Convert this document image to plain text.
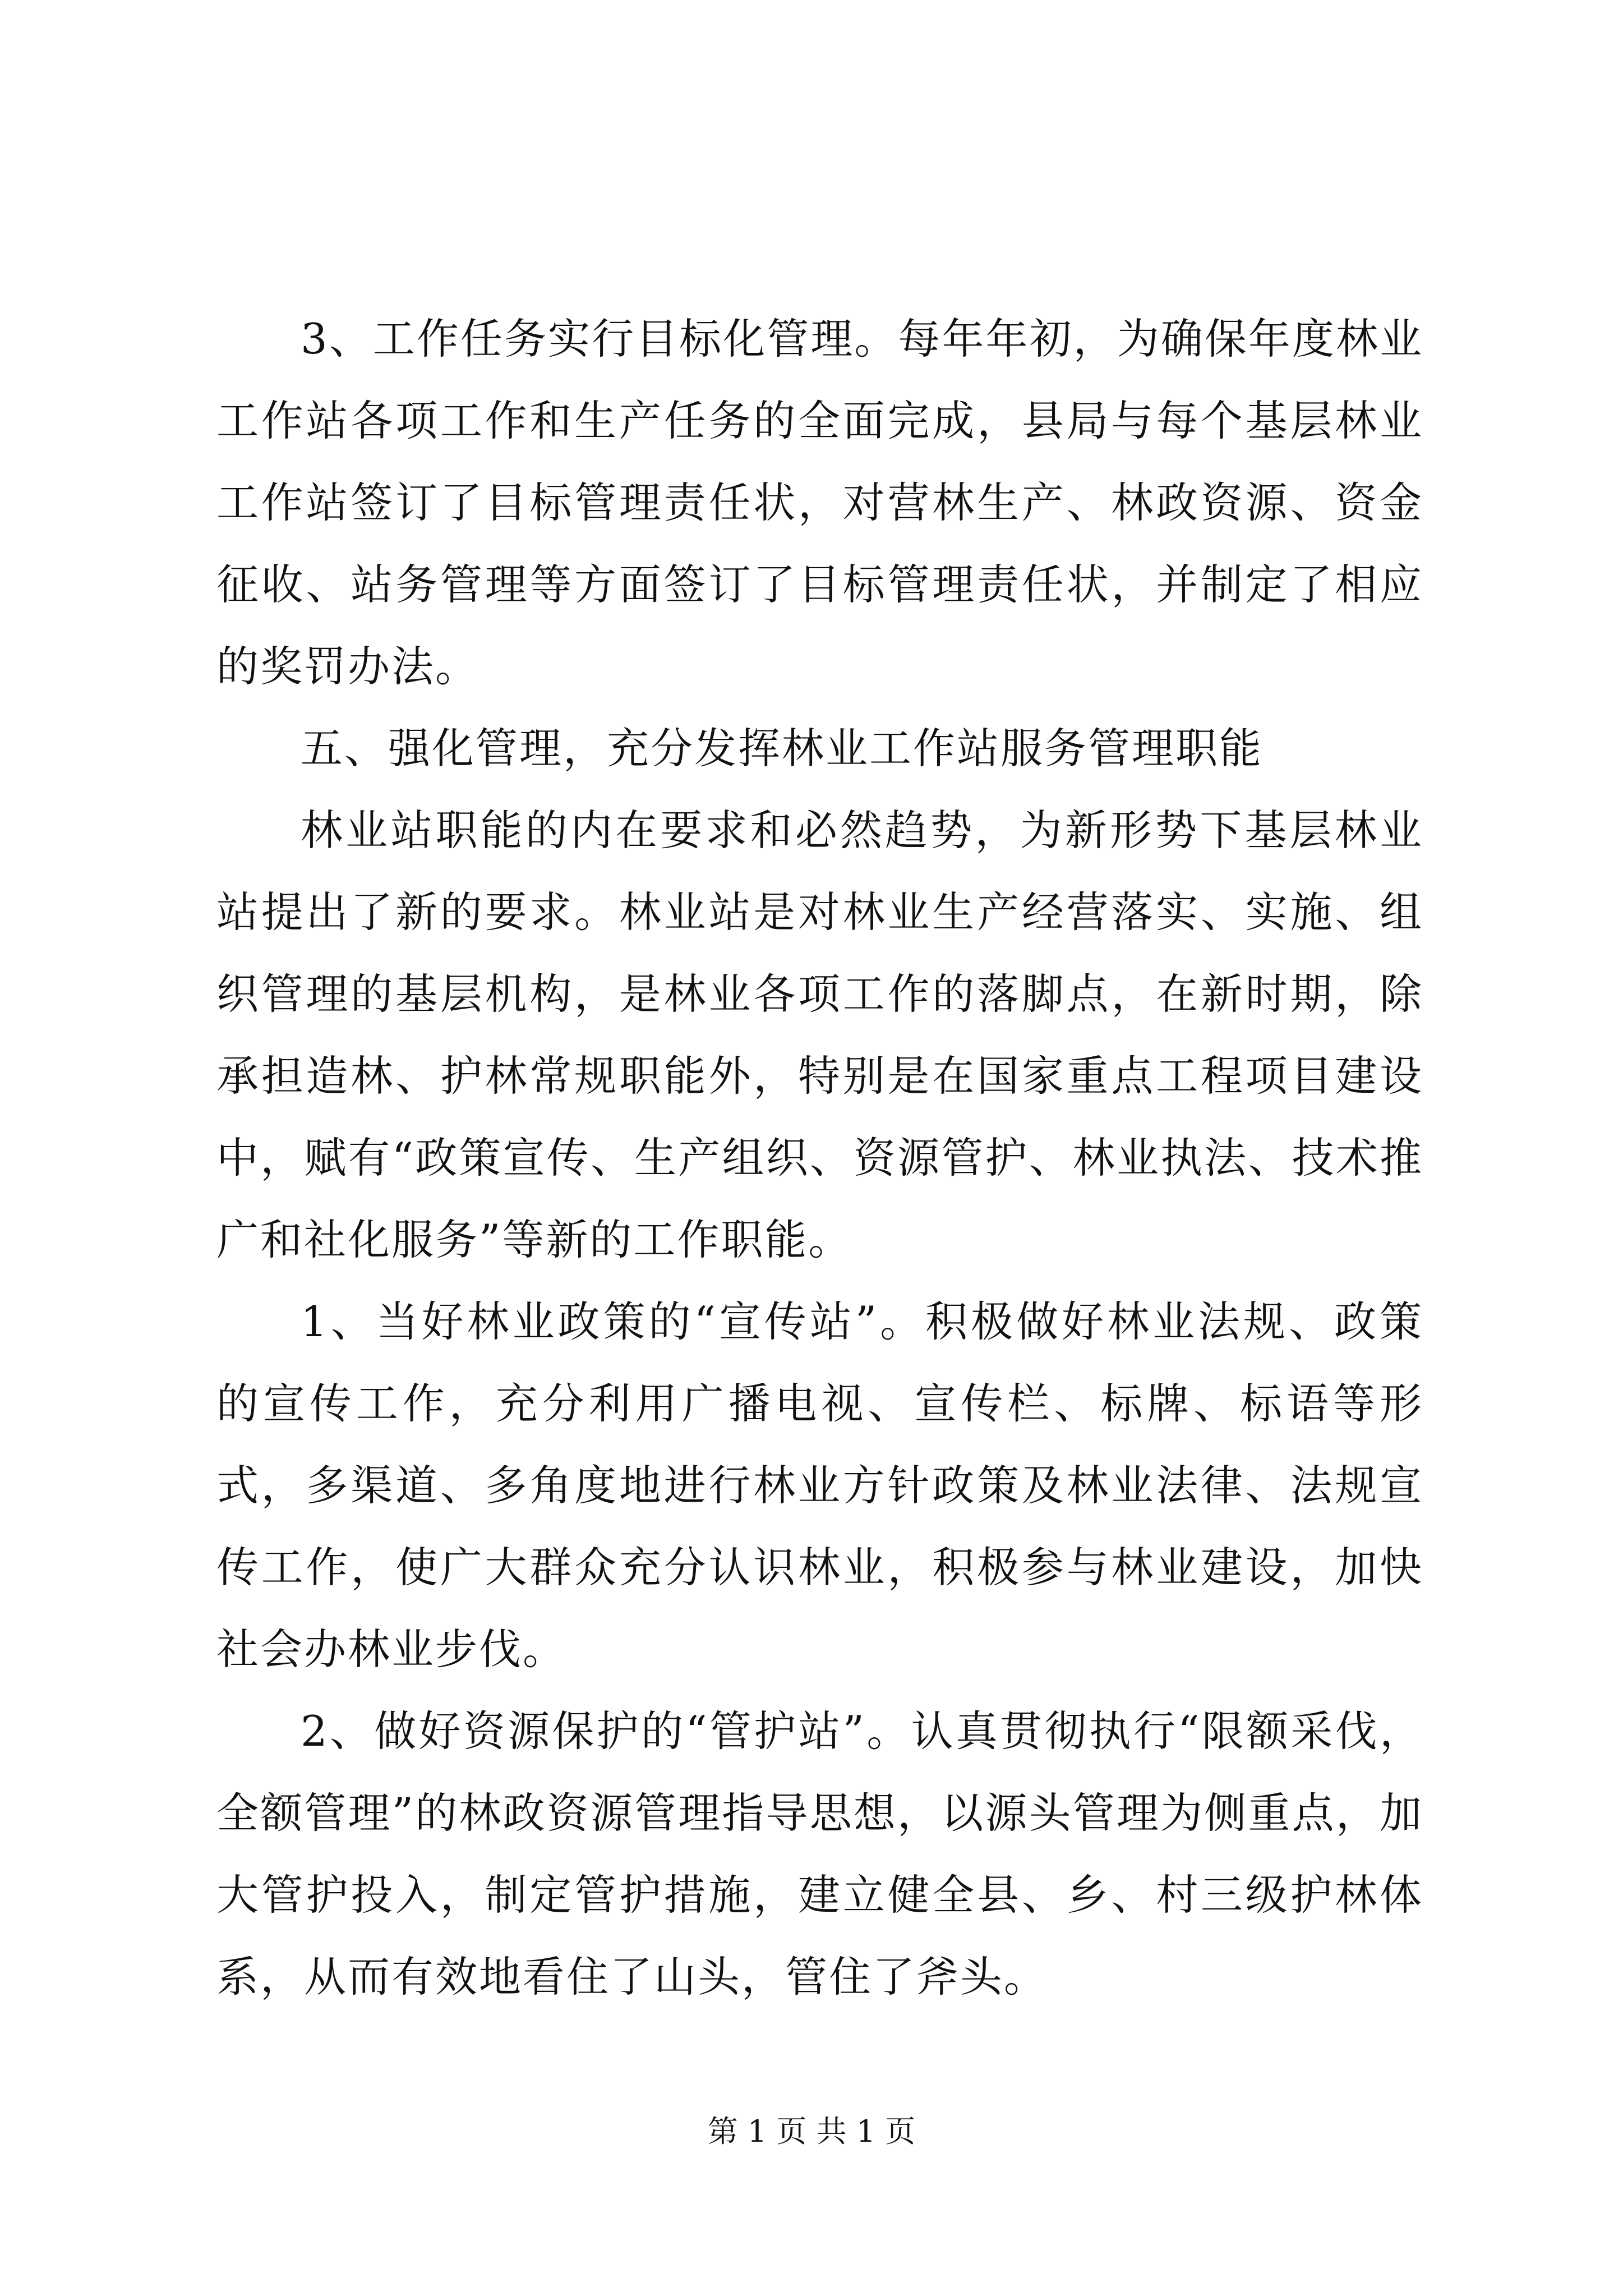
3、工作任务实行目标化管理。每年年初，为确保年度林业工作站各项工作和生产任务的全面完成，县局与每个基层林业工作站签订了目标管理责任状，对营林生产、林政资源、资金征收、站务管理等方面签订了目标管理责任状，并制定了相应的奖罚办法。

五、强化管理，充分发挥林业工作站服务管理职能

林业站职能的内在要求和必然趋势，为新形势下基层林业站提出了新的要求。林业站是对林业生产经营落实、实施、组织管理的基层机构，是林业各项工作的落脚点，在新时期，除承担造林、护林常规职能外，特别是在国家重点工程项目建设中，赋有“政策宣传、生产组织、资源管护、林业执法、技术推广和社化服务”等新的工作职能。

1、当好林业政策的“宣传站”。积极做好林业法规、政策的宣传工作，充分利用广播电视、宣传栏、标牌、标语等形式，多渠道、多角度地进行林业方针政策及林业法律、法规宣传工作，使广大群众充分认识林业，积极参与林业建设，加快社会办林业步伐。

2、做好资源保护的“管护站”。认真贯彻执行“限额采伐，全额管理”的林政资源管理指导思想，以源头管理为侧重点，加大管护投入，制定管护措施，建立健全县、乡、村三级护林体系，从而有效地看住了山头，管住了斧头。

第 1 页 共 1 页
